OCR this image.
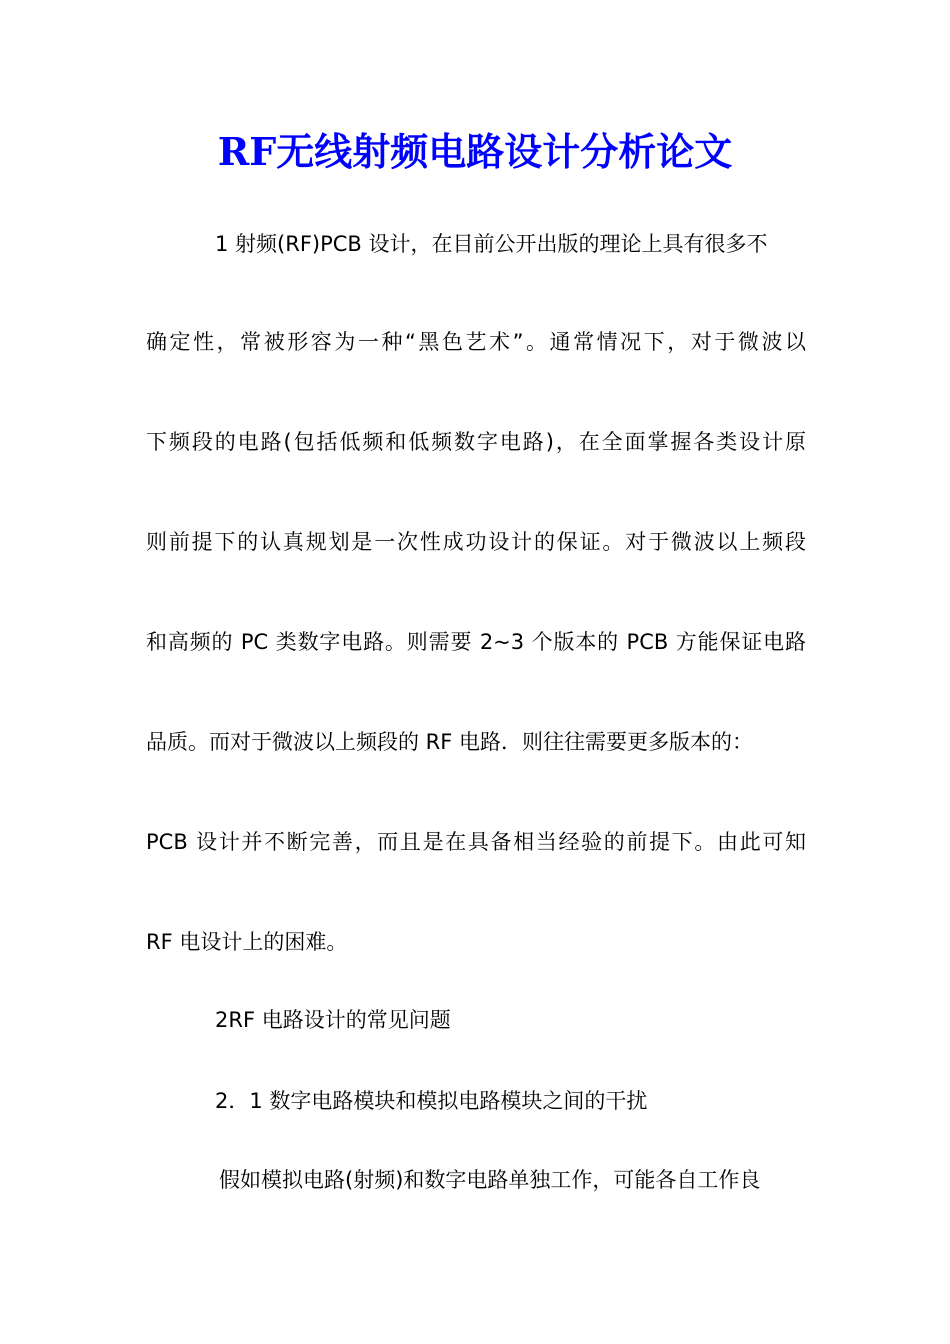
RF无线射频电路设计分析论文
1 射频(RF)PCB 设计，在目前公开出版的理论上具有很多不
确定性，常被形容为一种“黑色艺术”。通常情况下，对于微波以
下频段的电路(包括低频和低频数字电路)，在全面掌握各类设计原
则前提下的认真规划是一次性成功设计的保证。对于微波以上频段
和高频的 PC 类数字电路。则需要 2~3 个版本的 PCB 方能保证电路
品质。而对于微波以上频段的 RF 电路．则往往需要更多版本的：
PCB 设计并不断完善，而且是在具备相当经验的前提下。由此可知
RF 电设计上的困难。
2RF 电路设计的常见问题
2．1 数字电路模块和模拟电路模块之间的干扰
假如模拟电路(射频)和数字电路单独工作，可能各自工作良
